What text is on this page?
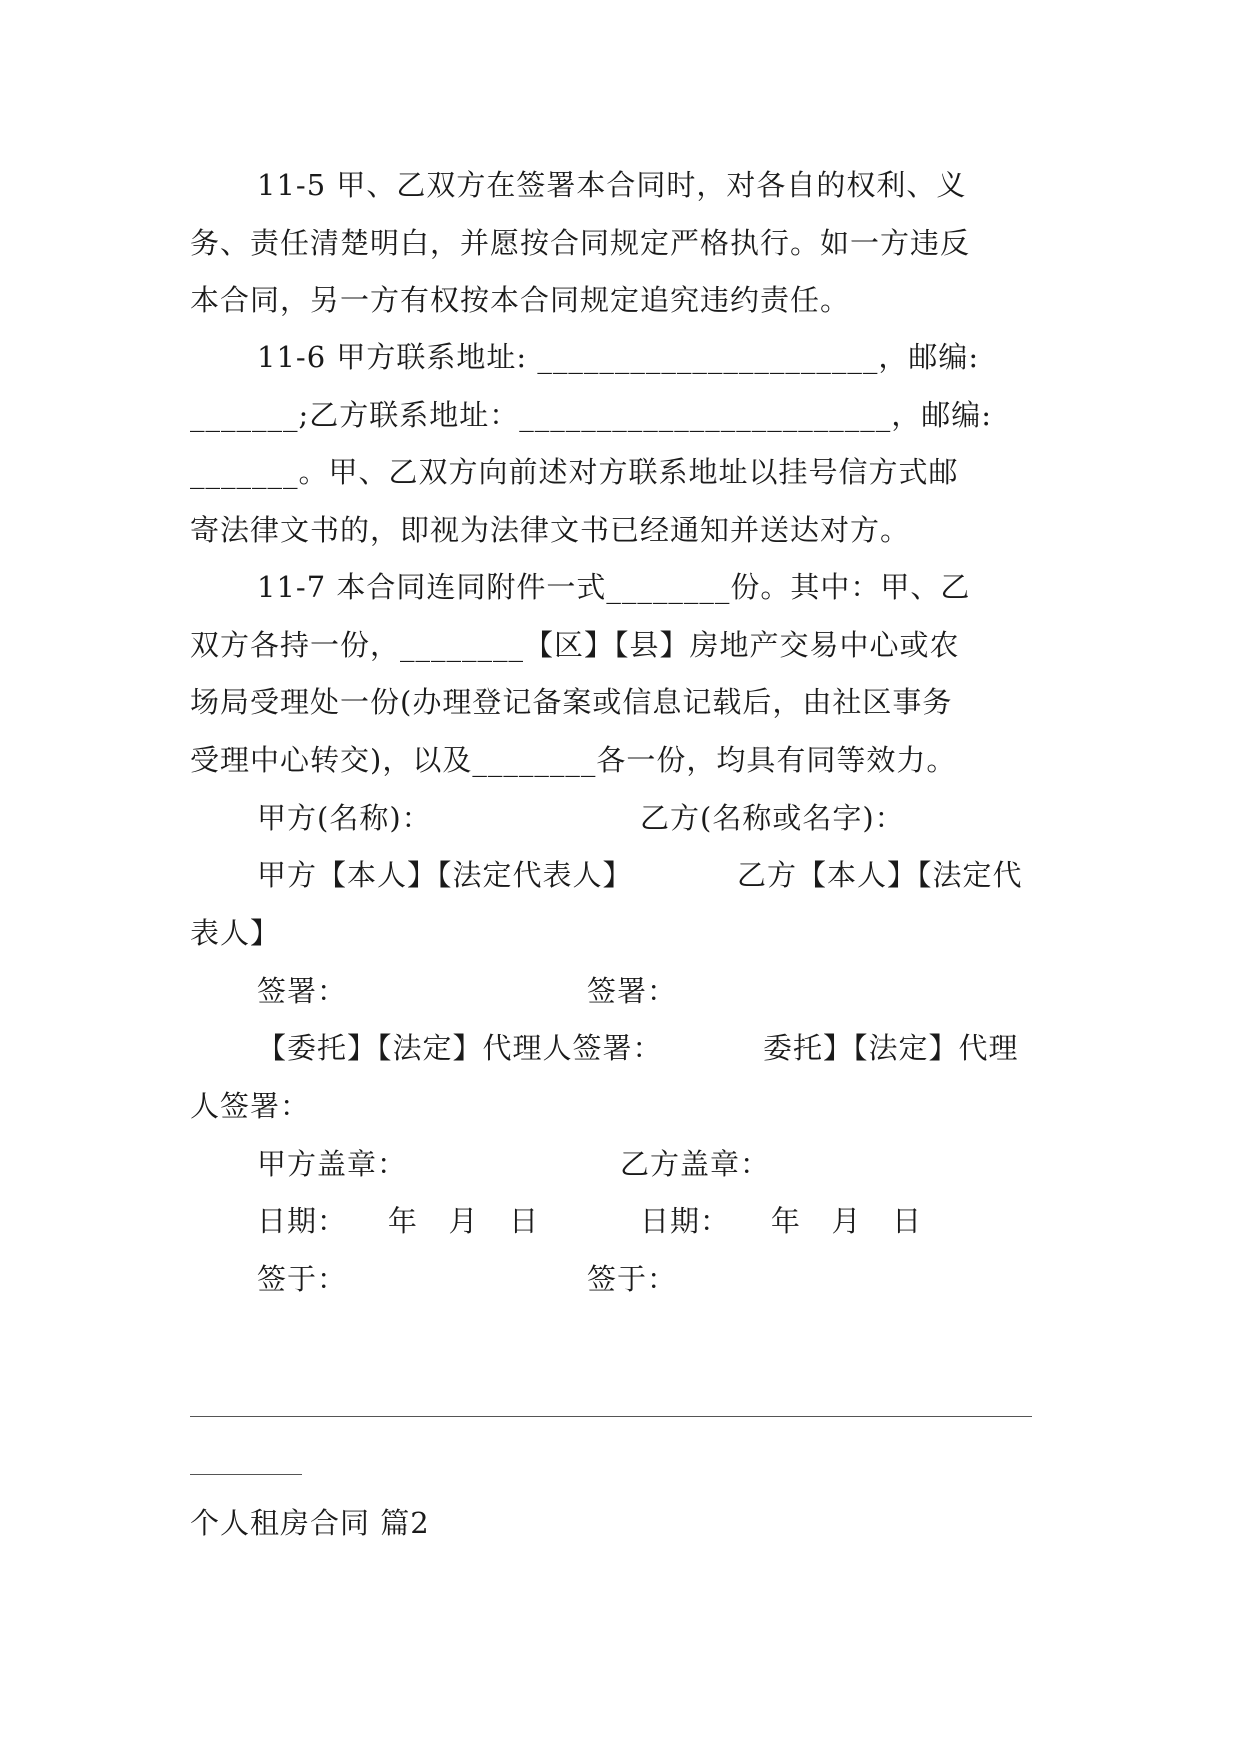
11-5 甲、乙双方在签署本合同时，对各自的权利、义
务、责任清楚明白，并愿按合同规定严格执行。如一方违反
本合同，另一方有权按本合同规定追究违约责任。
11-6 甲方联系地址: ______________________，邮编:
_______;乙方联系地址：________________________，邮编:
_______。甲、乙双方向前述对方联系地址以挂号信方式邮
寄法律文书的，即视为法律文书已经通知并送达对方。
11-7 本合同连同附件一式________份。其中：甲、乙
双方各持一份，________【区】【县】房地产交易中心或农
场局受理处一份(办理登记备案或信息记载后，由社区事务
受理中心转交)，以及________各一份，均具有同等效力。
甲方(名称)：	乙方(名称或名字)：
甲方【本人】【法定代表人】	乙方【本人】【法定代
表人】
签署：	签署：
【委托】【法定】代理人签署：	委托】【法定】代理
人签署：
甲方盖章：	乙方盖章：
日期：    年   月   日	日期：    年   月   日
签于：	签于：
个人租房合同 篇2
